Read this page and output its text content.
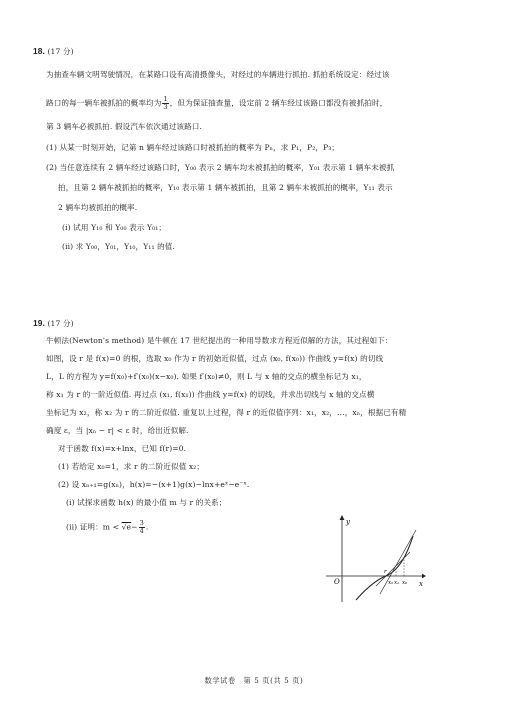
18. (17 分)
为抽查车辆文明驾驶情况，在某路口设有高清摄像头，对经过的车辆进行抓拍. 抓拍系统设定：经过该
路口的每一辆车被抓拍的概率均为 $\frac{1}{3}$ ，但为保证抽查量，设定前 2 辆车经过该路口都没有被抓拍时，
第 3 辆车必被抓拍. 假设汽车依次通过该路口.
(1) 从某一时刻开始，记第 n 辆车经过该路口时被抓拍的概率为 Pₙ，求 P₁，P₂，P₃；
(2) 当任意连续有 2 辆车经过该路口时，Y₀₀ 表示 2 辆车均未被抓拍的概率，Y₀₁ 表示第 1 辆车未被抓
拍，且第 2 辆车被抓拍的概率，Y₁₀ 表示第 1 辆车被抓拍，且第 2 辆车未被抓拍的概率，Y₁₁ 表示
2 辆车均被抓拍的概率.
(i) 试用 Y₁₀ 和 Y₀₀ 表示 Y₀₁；
(ii) 求 Y₀₀，Y₀₁，Y₁₀，Y₁₁ 的值.
19. (17 分)
牛顿法(Newton's method) 是牛顿在 17 世纪提出的一种用导数求方程近似解的方法，其过程如下：
如图，设 r 是 f(x)=0 的根，选取 x₀ 作为 r 的初始近似值，过点 (x₀, f(x₀)) 作曲线 y=f(x) 的切线
L，L 的方程为 y=f(x₀)+f′(x₀)(x−x₀). 如果 f′(x₀)≠0，则 L 与 x 轴的交点的横坐标记为 x₁，
称 x₁ 为 r 的一阶近似值. 再过点 (x₁, f(x₁)) 作曲线 y=f(x) 的切线，并求出切线与 x 轴的交点横
坐标记为 x₂，称 x₂ 为 r 的二阶近似值. 重复以上过程，得 r 的近似值序列：x₁，x₂，…，xₙ，根据已有精
确度 ε，当 |xₙ − r| < ε 时，给出近似解.
对于函数 f(x)=x+lnx，已知 f(r)=0.
(1) 若给定 x₀=1，求 r 的二阶近似值 x₂；
(2) 设 xₙ₊₁=g(xₙ)，h(x)=−(x+1)g(x)−lnx+eˣ−e⁻ˣ.
(i) 试探求函数 h(x) 的最小值 m 与 r 的关系；
(ii) 证明：$m < √e- \frac{3}{4}$ .
y
x
O
r
x₂ x₁ x₀
数学试卷　第 5 页(共 5 页)
